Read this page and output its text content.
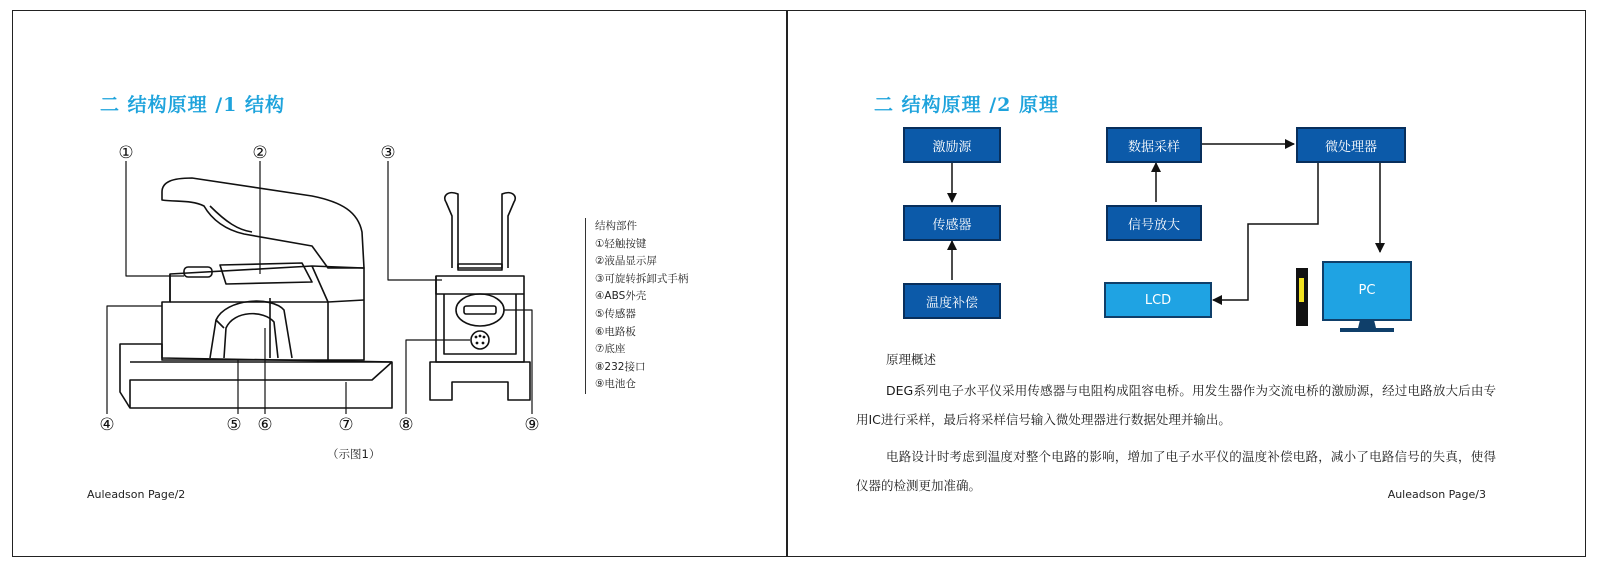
二 结构原理 /1 结构
①	②	③
④	⑤ ⑥	⑦	⑧	⑨
结构部件
①轻触按键
②液晶显示屏
③可旋转拆卸式手柄
④ABS外壳
⑤传感器
⑥电路板
⑦底座
⑧232接口
⑨电池仓
（示图1）
Auleadson Page/2
二 结构原理 /2 原理
PC
激励源
传感器
温度补偿
数据采样
信号放大
微处理器
LCD
原理概述

DEG系列电子水平仪采用传感器与电阻构成阻容电桥。用发生器作为交流电桥的激励源，经过电路放大后由专用IC进行采样，最后将采样信号输入微处理器进行数据处理并输出。

电路设计时考虑到温度对整个电路的影响，增加了电子水平仪的温度补偿电路，减小了电路信号的失真，使得仪器的检测更加准确。

Auleadson Page/3
